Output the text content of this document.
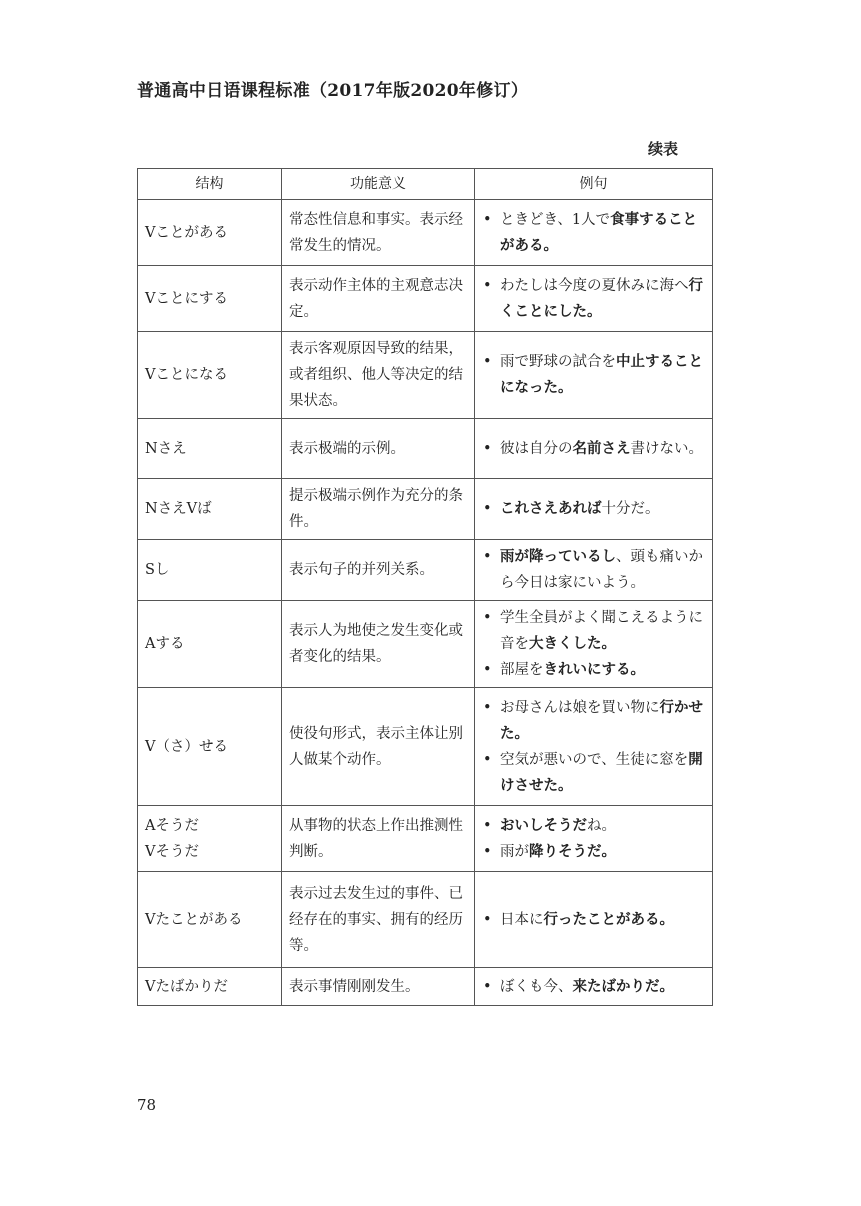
普通高中日语课程标准（2017年版2020年修订）
续表
结构	功能意义	例句

Vことがある	常态性信息和事实。表示经常发生的情况。	• ときどき、1人で食事することがある。

Vことにする	表示动作主体的主观意志决定。	• わたしは今度の夏休みに海へ行くことにした。

Vことになる	表示客观原因导致的结果，或者组织、他人等决定的结果状态。	• 雨で野球の試合を中止することになった。

Nさえ	表示极端的示例。	• 彼は自分の名前さえ書けない。

NさえVば	提示极端示例作为充分的条件。	• これさえあれば十分だ。

Sし	表示句子的并列关系。	• 雨が降っているし、頭も痛いから今日は家にいよう。

Aする	表示人为地使之发生变化或者变化的结果。	• 学生全員がよく聞こえるように音を大きくした。
• 部屋をきれいにする。

V（さ）せる	使役句形式，表示主体让别人做某个动作。	• お母さんは娘を買い物に行かせた。
• 空気が悪いので、生徒に窓を開けさせた。

Aそうだ
Vそうだ	从事物的状态上作出推测性判断。	• おいしそうだね。
• 雨が降りそうだ。

Vたことがある	表示过去发生过的事件、已经存在的事实、拥有的经历等。	• 日本に行ったことがある。

Vたばかりだ	表示事情刚刚发生。	• ぼくも今、来たばかりだ。
78
